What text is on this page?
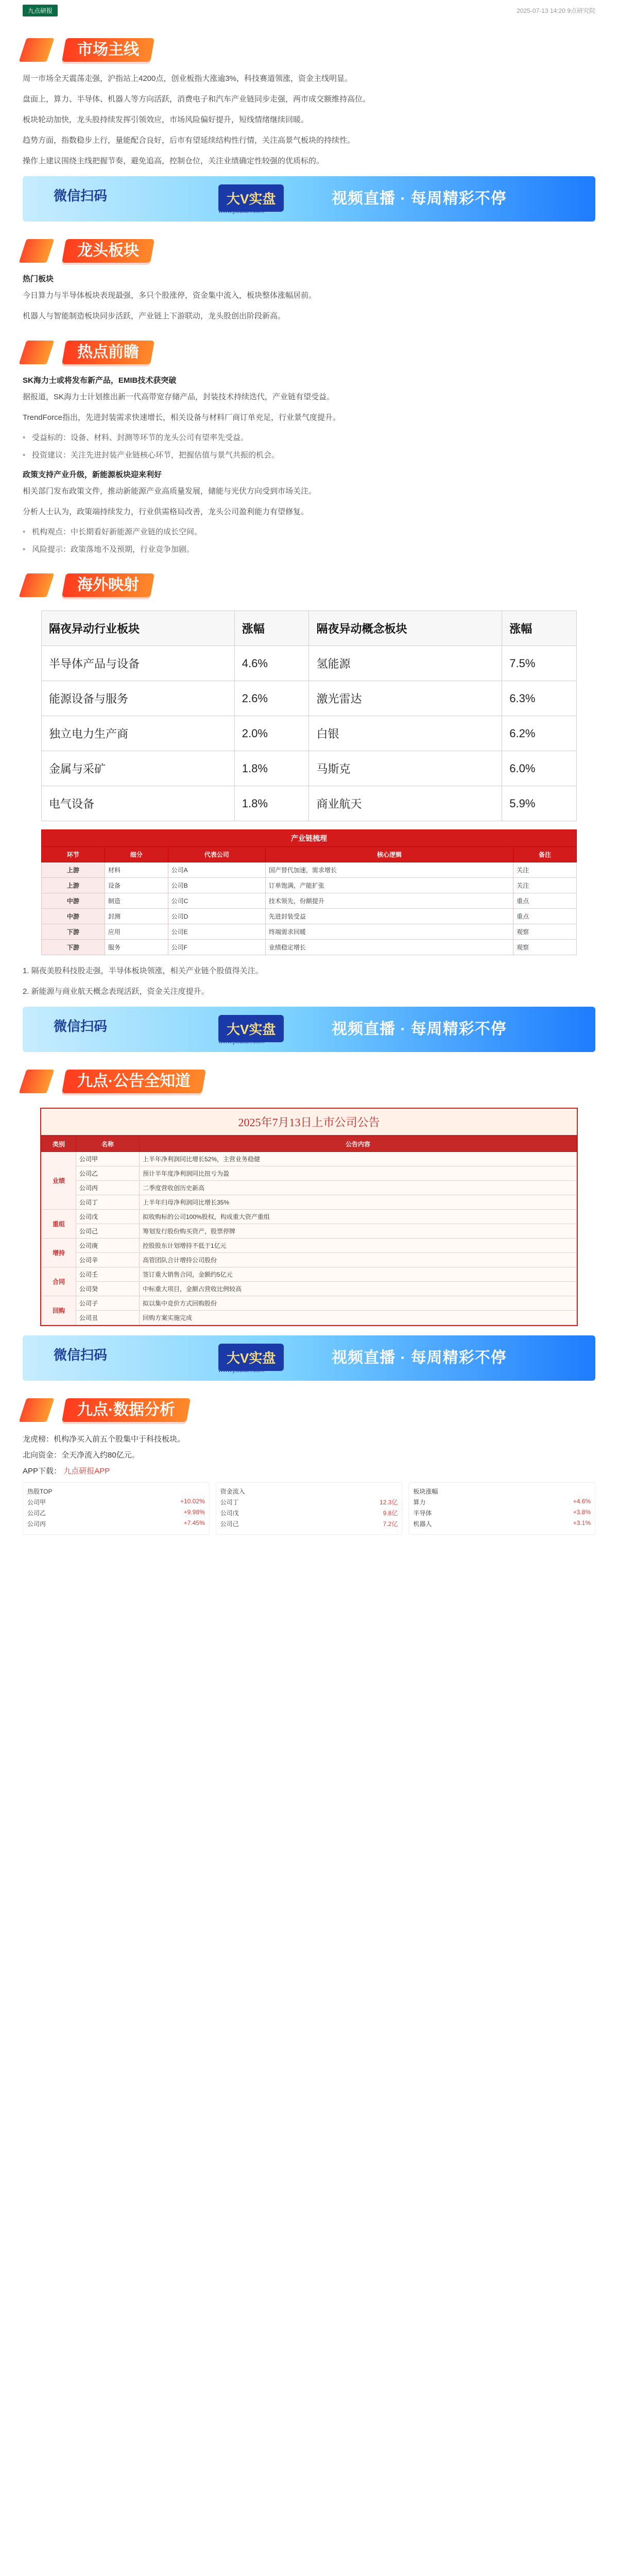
九点研报	2025-07-13 14:20 9点研究院
市场主线

周一市场全天震荡走强，沪指站上4200点，创业板指大涨逾3%，科技赛道领涨，资金主线明显。

盘面上，算力、半导体、机器人等方向活跃，消费电子和汽车产业链同步走强，两市成交额维持高位。

板块轮动加快，龙头股持续发挥引领效应，市场风险偏好提升，短线情绪继续回暖。

趋势方面，指数稳步上行，量能配合良好，后市有望延续结构性行情，关注高景气板块的持续性。

操作上建议围绕主线把握节奏，避免追高，控制仓位，关注业绩确定性较强的优质标的。

微信扫码	大V实盘	视频直播 · 每周精彩不停
www.jiudian.com
龙头板块
热门板块

今日算力与半导体板块表现最强，多只个股涨停，资金集中流入，板块整体涨幅居前。

机器人与智能制造板块同步活跃，产业链上下游联动，龙头股创出阶段新高。

热点前瞻
SK海力士或将发布新产品，EMIB技术获突破

据报道，SK海力士计划推出新一代高带宽存储产品，封装技术持续迭代，产业链有望受益。

TrendForce指出，先进封装需求快速增长，相关设备与材料厂商订单充足，行业景气度提升。

• 受益标的：设备、材料、封测等环节的龙头公司有望率先受益。
• 投资建议：关注先进封装产业链核心环节，把握估值与景气共振的机会。
政策支持产业升级，新能源板块迎来利好

相关部门发布政策文件，推动新能源产业高质量发展，储能与光伏方向受到市场关注。

分析人士认为，政策端持续发力，行业供需格局改善，龙头公司盈利能力有望修复。

• 机构观点：中长期看好新能源产业链的成长空间。
• 风险提示：政策落地不及预期，行业竞争加剧。
海外映射
隔夜异动行业板块	涨幅	隔夜异动概念板块	涨幅
半导体产品与设备	4.6%	氢能源	7.5%
能源设备与服务	2.6%	激光雷达	6.3%
独立电力生产商	2.0%	白银	6.2%
金属与采矿	1.8%	马斯克	6.0%
电气设备	1.8%	商业航天	5.9%
产业链梳理				
环节	细分	代表公司	核心逻辑	备注
上游	材料	公司A	国产替代加速，需求增长	关注
上游	设备	公司B	订单饱满，产能扩张	关注
中游	制造	公司C	技术领先，份额提升	重点
中游	封测	公司D	先进封装受益	重点
下游	应用	公司E	终端需求回暖	观察
下游	服务	公司F	业绩稳定增长	观察

1. 隔夜美股科技股走强，半导体板块领涨，相关产业链个股值得关注。

2. 新能源与商业航天概念表现活跃，资金关注度提升。

微信扫码	大V实盘	视频直播 · 每周精彩不停
www.jiudian.com
九点·公告全知道
2025年7月13日上市公司公告
类别	名称	公告内容
业绩	公司甲	上半年净利润同比增长52%，主营业务稳健
	公司乙	预计半年度净利润同比扭亏为盈
	公司丙	二季度营收创历史新高
	公司丁	上半年归母净利润同比增长35%
重组	公司戊	拟收购标的公司100%股权，构成重大资产重组
	公司己	筹划发行股份购买资产，股票停牌
增持	公司庚	控股股东计划增持不低于1亿元
	公司辛	高管团队合计增持公司股份
合同	公司壬	签订重大销售合同，金额约5亿元
	公司癸	中标重大项目，金额占营收比例较高
回购	公司子	拟以集中竞价方式回购股份
	公司丑	回购方案实施完成
微信扫码	大V实盘	视频直播 · 每周精彩不停
www.jiudian.com
九点·数据分析
龙虎榜：机构净买入前五个股集中于科技板块。
北向资金：全天净流入约80亿元。
APP下载： 九点研报APP
热股TOP
公司甲	+10.02%
公司乙	+9.98%
公司丙	+7.45%
资金流入
公司丁	12.3亿
公司戊	9.8亿
公司己	7.2亿
板块涨幅
算力	+4.6%
半导体	+3.8%
机器人	+3.1%
